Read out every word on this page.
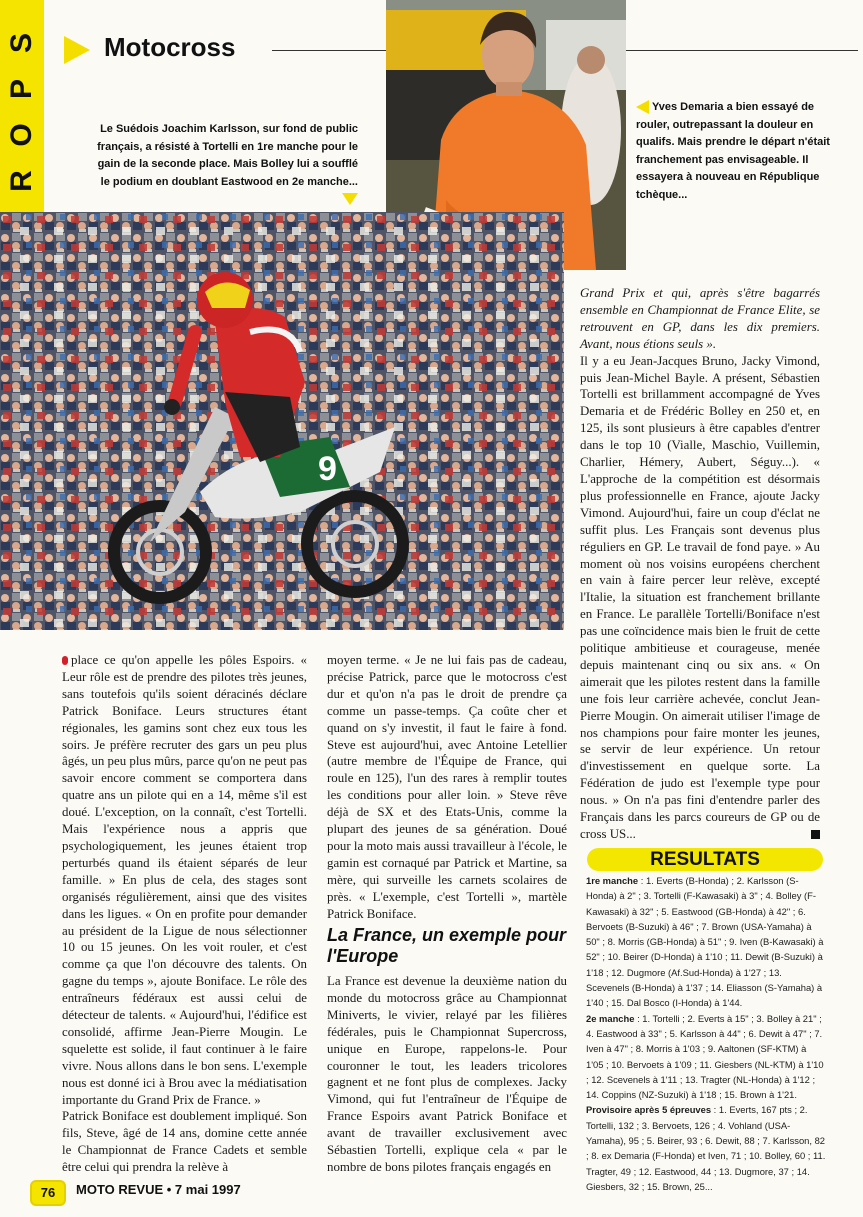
S
P
O
R
Motocross
Le Suédois Joachim Karlsson, sur fond de public français, a résisté à Tortelli en 1re manche pour le gain de la seconde place. Mais Bolley lui a soufflé le podium en doublant Eastwood en 2e manche...
Yves Demaria a bien essayé de rouler, outrepassant la douleur en qualifs. Mais prendre le départ n'était franchement pas envisageable. Il essayera à nouveau en République tchèque...
9

Grand Prix et qui, après s'être bagarrés ensemble en Championnat de France Elite, se retrouvent en GP, dans les dix premiers. Avant, nous étions seuls ».

Il y a eu Jean-Jacques Bruno, Jacky Vimond, puis Jean-Michel Bayle. A présent, Sébastien Tortelli est brillamment accompagné de Yves Demaria et de Frédéric Bolley en 250 et, en 125, ils sont plusieurs à être capables d'entrer dans le top 10 (Vialle, Maschio, Vuillemin, Charlier, Hémery, Aubert, Séguy...). « L'approche de la compétition est désormais plus professionnelle en France, ajoute Jacky Vimond. Aujourd'hui, faire un coup d'éclat ne suffit plus. Les Français sont devenus plus réguliers en GP. Le travail de fond paye. » Au moment où nos voisins européens cherchent en vain à faire percer leur relève, excepté l'Italie, la situation est franchement brillante en France. Le parallèle Tortelli/Boniface n'est pas une coïncidence mais bien le fruit de cette politique ambitieuse et courageuse, menée depuis maintenant cinq ou six ans. « On aimerait que les pilotes restent dans la famille une fois leur carrière achevée, conclut Jean-Pierre Mougin. On aimerait utiliser l'image de nos champions pour faire monter les jeunes, se servir de leur expérience. Un retour d'investissement en quelque sorte. La Fédération de judo est l'exemple type pour nous. » On n'a pas fini d'entendre parler des Français dans les parcs coureurs de GP ou de cross US...

place ce qu'on appelle les pôles Espoirs. « Leur rôle est de prendre des pilotes très jeunes, sans toutefois qu'ils soient déracinés déclare Patrick Boniface. Leurs structures étant régionales, les gamins sont chez eux tous les soirs. Je préfère recruter des gars un peu plus âgés, un peu plus mûrs, parce qu'on ne peut pas savoir encore comment se comportera dans quatre ans un pilote qui en a 14, même s'il est doué. L'exception, on la connaît, c'est Tortelli. Mais l'expérience nous a appris que psychologiquement, les jeunes étaient trop perturbés quand ils étaient séparés de leur famille. » En plus de cela, des stages sont organisés régulièrement, ainsi que des visites dans les ligues. « On en profite pour demander au président de la Ligue de nous sélectionner 10 ou 15 jeunes. On les voit rouler, et c'est comme ça que l'on découvre des talents. On gagne du temps », ajoute Boniface. Le rôle des entraîneurs fédéraux est aussi celui de détecteur de talents. « Aujourd'hui, l'édifice est consolidé, affirme Jean-Pierre Mougin. Le squelette est solide, il faut continuer à le faire vivre. Nous allons dans le bon sens. L'exemple nous est donné ici à Brou avec la médiatisation importante du Grand Prix de France. »

Patrick Boniface est doublement impliqué. Son fils, Steve, âgé de 14 ans, domine cette année le Championnat de France Cadets et semble être celui qui prendra la relève à

moyen terme. « Je ne lui fais pas de cadeau, précise Patrick, parce que le motocross c'est dur et qu'on n'a pas le droit de prendre ça comme un passe-temps. Ça coûte cher et quand on s'y investit, il faut le faire à fond. Steve est aujourd'hui, avec Antoine Letellier (autre membre de l'Équipe de France, qui roule en 125), l'un des rares à remplir toutes les conditions pour aller loin. » Steve rêve déjà de SX et des Etats-Unis, comme la plupart des jeunes de sa génération. Doué pour la moto mais aussi travailleur à l'école, le gamin est cornaqué par Patrick et Martine, sa mère, qui surveille les carnets scolaires de près. « L'exemple, c'est Tortelli », martèle Patrick Boniface.

La France, un exemple pour l'Europe

La France est devenue la deuxième nation du monde du motocross grâce au Championnat Miniverts, le vivier, relayé par les filières fédérales, puis le Championnat Supercross, unique en Europe, rappelons-le. Pour couronner le tout, les leaders tricolores gagnent et ne font plus de complexes. Jacky Vimond, qui fut l'entraîneur de l'Équipe de France Espoirs avant Patrick Boniface et avant de travailler exclusivement avec Sébastien Tortelli, explique cela « par le nombre de bons pilotes français engagés en

RESULTATS
1re manche : 1. Everts (B-Honda) ; 2. Karlsson (S-Honda) à 2" ; 3. Tortelli (F-Kawasaki) à 3" ; 4. Bolley (F-Kawasaki) à 32" ; 5. Eastwood (GB-Honda) à 42" ; 6. Bervoets (B-Suzuki) à 46" ; 7. Brown (USA-Yamaha) à 50" ; 8. Morris (GB-Honda) à 51" ; 9. Iven (B-Kawasaki) à 52" ; 10. Beirer (D-Honda) à 1'10 ; 11. Dewit (B-Suzuki) à 1'18 ; 12. Dugmore (Af.Sud-Honda) à 1'27 ; 13. Scevenels (B-Honda) à 1'37 ; 14. Eliasson (S-Yamaha) à 1'40 ; 15. Dal Bosco (I-Honda) à 1'44.
2e manche : 1. Tortelli ; 2. Everts à 15" ; 3. Bolley à 21" ; 4. Eastwood à 33" ; 5. Karlsson à 44" ; 6. Dewit à 47" ; 7. Iven à 47" ; 8. Morris à 1'03 ; 9. Aaltonen (SF-KTM) à 1'05 ; 10. Bervoets à 1'09 ; 11. Giesbers (NL-KTM) à 1'10 ; 12. Scevenels à 1'11 ; 13. Tragter (NL-Honda) à 1'12 ; 14. Coppins (NZ-Suzuki) à 1'18 ; 15. Brown à 1'21.
Provisoire après 5 épreuves : 1. Everts, 167 pts ; 2. Tortelli, 132 ; 3. Bervoets, 126 ; 4. Vohland (USA-Yamaha), 95 ; 5. Beirer, 93 ; 6. Dewit, 88 ; 7. Karlsson, 82 ; 8. ex Demaria (F-Honda) et Iven, 71 ; 10. Bolley, 60 ; 11. Tragter, 49 ; 12. Eastwood, 44 ; 13. Dugmore, 37 ; 14. Giesbers, 32 ; 15. Brown, 25...
76	MOTO REVUE • 7 mai 1997
